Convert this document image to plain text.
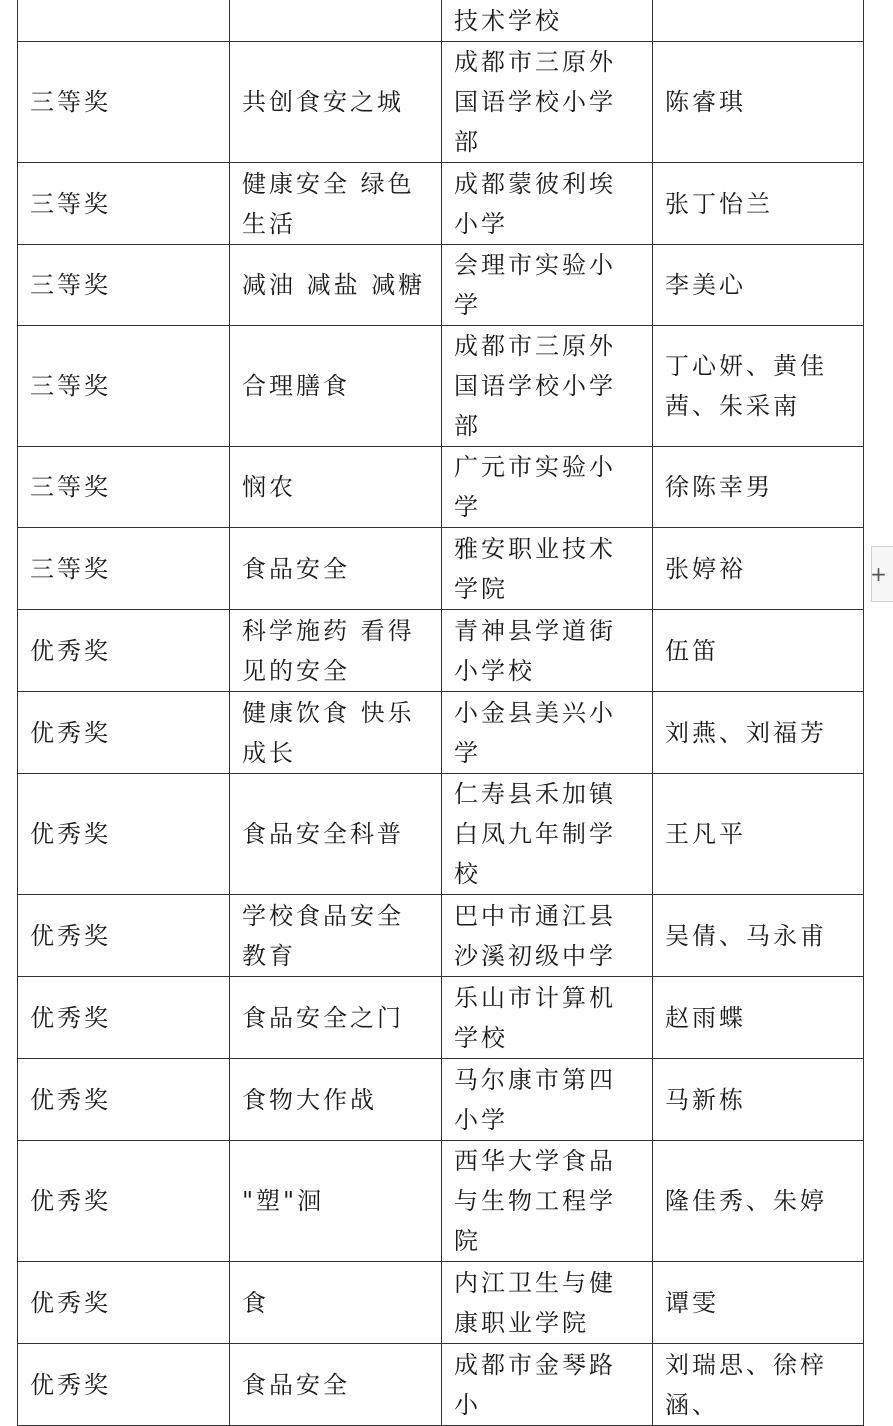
		技术学校	

三等奖	共创食安之城	成都市三原外国语学校小学部	陈睿琪

三等奖	健康安全 绿色生活	成都蒙彼利埃小学	张丁怡兰

三等奖	减油 减盐 减糖	会理市实验小学	李美心

三等奖	合理膳食	成都市三原外国语学校小学部	丁心妍、黄佳茜、朱采南

三等奖	悯农	广元市实验小学	徐陈幸男

三等奖	食品安全	雅安职业技术学院	张婷裕

优秀奖	科学施药 看得见的安全	青神县学道街小学校	伍笛

优秀奖	健康饮食 快乐成长	小金县美兴小学	刘燕、刘福芳

优秀奖	食品安全科普	仁寿县禾加镇白凤九年制学校	王凡平

优秀奖	学校食品安全教育	巴中市通江县沙溪初级中学	吴倩、马永甫

优秀奖	食品安全之门	乐山市计算机学校	赵雨蝶

优秀奖	食物大作战	马尔康市第四小学	马新栋

优秀奖	"塑"洄	西华大学食品与生物工程学院	隆佳秀、朱婷

优秀奖	食	内江卫生与健康职业学院	谭雯

优秀奖	食品安全	成都市金琴路小	刘瑞思、徐梓涵、
+
